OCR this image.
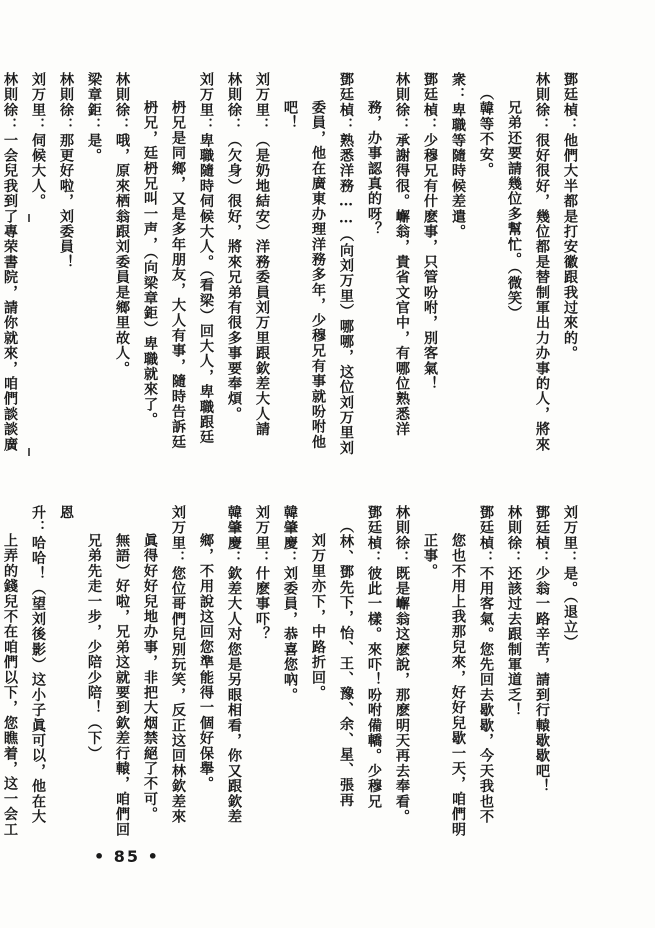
鄧廷楨：他們大半都是打安徽跟我过來的。
林則徐：很好很好，幾位都是替制軍出力办事的人，將來
兄弟还要請幾位多幫忙。（微笑）
（韓等不安。
衆：卑職等隨時候差遣。
鄧廷楨：少穆兄有什麽事，只管吩咐，別客氣！
林則徐：承謝得很。嶰翁，貴省文官中，有哪位熟悉洋
務，办事認真的呀？
鄧廷楨：熟悉洋務……（向刘万里）哪哪，这位刘万里刘
委員，他在廣東办理洋務多年，少穆兄有事就吩咐他
吧！
刘万里：（是奶地結安）洋務委員刘万里跟欽差大人請
林則徐：（欠身）很好，將來兄弟有很多事要奉煩。
刘万里：卑職隨時伺候大人。（看梁）回大人，卑職跟廷
枬兄是同鄉，又是多年朋友，大人有事，隨時告訴廷
枬兄，廷枬兄叫一声，（向梁章鉅）卑職就來了。
林則徐：哦，原來栖翁跟刘委員是鄉里故人。
梁章鉅：是。
林則徐：那更好啦，刘委員！
刘万里：伺候大人。
林則徐：一会兒我到了專荣書院，請你就來，咱們談談廣
刘万里：是。（退立）
鄧廷楨：少翁一路辛苦，請到行轅歇歇吧！
林則徐：还該过去跟制軍道乏！
鄧廷楨：不用客氣。您先回去歇歇，今天我也不
您也不用上我那兒來，好好兒歇一天，咱們明
正事。
林則徐：既是嶰翁这麽說，那麽明天再去奉看。
鄧廷楨：彼此一樣。來吓！吩咐備轎。少穆兄
（林、鄧先下，怡、王、豫、余、星、張再
刘万里亦下，中路折回。
韓肇慶：刘委員，恭喜您吶。
刘万里：什麽事吓？
韓肇慶：欽差大人对您是另眼相看，你又跟欽差
鄉，不用說这回您準能得一個好保舉。
刘万里：您位哥們兒別玩笑，反正这回林欽差來
眞得好好兒地办事，非把大烟禁絕了不可。
無語）好啦，兄弟这就要到欽差行轅，咱們回
兄弟先走一步，少陪少陪！（下）
恩
升：哈哈！（望刘後影）这小子眞可以，他在大
上弄的錢兒不在咱們以下，您瞧着，这一会工
• 85 •
